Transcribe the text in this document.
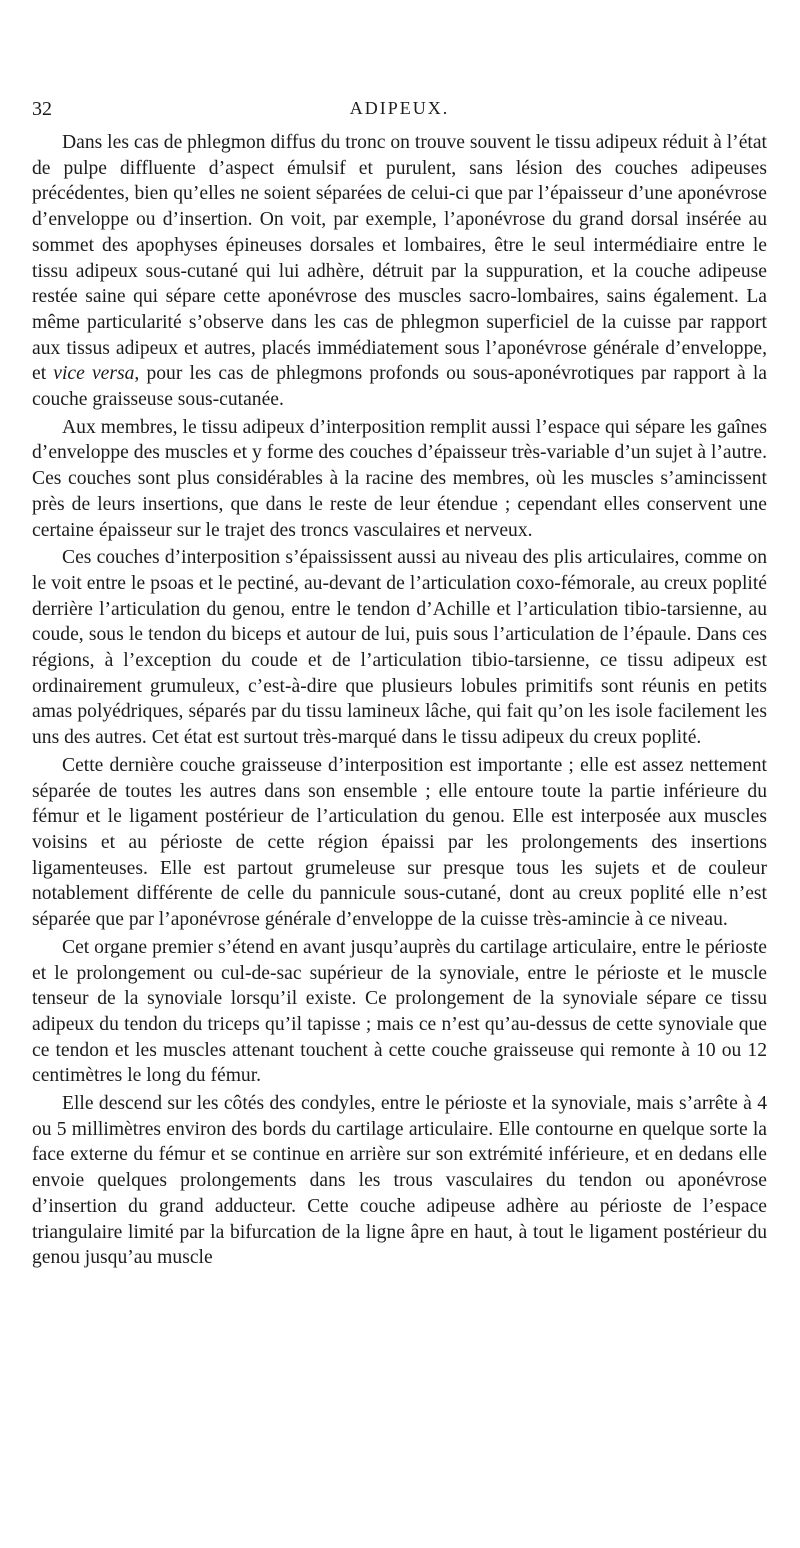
32	ADIPEUX.

Dans les cas de phlegmon diffus du tronc on trouve souvent le tissu adipeux réduit à l’état de pulpe diffluente d’aspect émulsif et purulent, sans lésion des couches adipeuses précédentes, bien qu’elles ne soient séparées de celui-ci que par l’épaisseur d’une aponévrose d’enveloppe ou d’insertion. On voit, par exemple, l’aponévrose du grand dorsal insérée au sommet des apophyses épineuses dorsales et lombaires, être le seul intermédiaire entre le tissu adipeux sous-cutané qui lui adhère, détruit par la suppuration, et la couche adipeuse restée saine qui sépare cette aponévrose des muscles sacro-lombaires, sains également. La même particularité s’observe dans les cas de phlegmon superficiel de la cuisse par rapport aux tissus adipeux et autres, placés immédiatement sous l’aponévrose générale d’enveloppe, et vice versa, pour les cas de phlegmons profonds ou sous-aponévrotiques par rapport à la couche graisseuse sous-cutanée.

Aux membres, le tissu adipeux d’interposition remplit aussi l’espace qui sépare les gaînes d’enveloppe des muscles et y forme des couches d’épaisseur très-variable d’un sujet à l’autre. Ces couches sont plus considérables à la racine des membres, où les muscles s’amincissent près de leurs insertions, que dans le reste de leur étendue ; cependant elles conservent une certaine épaisseur sur le trajet des troncs vasculaires et nerveux.

Ces couches d’interposition s’épaississent aussi au niveau des plis articulaires, comme on le voit entre le psoas et le pectiné, au-devant de l’articulation coxo-fémorale, au creux poplité derrière l’articulation du genou, entre le tendon d’Achille et l’articulation tibio-tarsienne, au coude, sous le tendon du biceps et autour de lui, puis sous l’articulation de l’épaule. Dans ces régions, à l’exception du coude et de l’articulation tibio-tarsienne, ce tissu adipeux est ordinairement grumuleux, c’est-à-dire que plusieurs lobules primitifs sont réunis en petits amas polyédriques, séparés par du tissu lamineux lâche, qui fait qu’on les isole facilement les uns des autres. Cet état est surtout très-marqué dans le tissu adipeux du creux poplité.

Cette dernière couche graisseuse d’interposition est importante ; elle est assez nettement séparée de toutes les autres dans son ensemble ; elle entoure toute la partie inférieure du fémur et le ligament postérieur de l’articulation du genou. Elle est interposée aux muscles voisins et au périoste de cette région épaissi par les prolongements des insertions ligamenteuses. Elle est partout grumeleuse sur presque tous les sujets et de couleur notablement différente de celle du pannicule sous-cutané, dont au creux poplité elle n’est séparée que par l’aponévrose générale d’enveloppe de la cuisse très-amincie à ce niveau.

Cet organe premier s’étend en avant jusqu’auprès du cartilage articulaire, entre le périoste et le prolongement ou cul-de-sac supérieur de la synoviale, entre le périoste et le muscle tenseur de la synoviale lorsqu’il existe. Ce prolongement de la synoviale sépare ce tissu adipeux du tendon du triceps qu’il tapisse ; mais ce n’est qu’au-dessus de cette synoviale que ce tendon et les muscles attenant touchent à cette couche graisseuse qui remonte à 10 ou 12 centimètres le long du fémur.

Elle descend sur les côtés des condyles, entre le périoste et la synoviale, mais s’arrête à 4 ou 5 millimètres environ des bords du cartilage articulaire. Elle contourne en quelque sorte la face externe du fémur et se continue en arrière sur son extrémité inférieure, et en dedans elle envoie quelques prolongements dans les trous vasculaires du tendon ou aponévrose d’insertion du grand adducteur. Cette couche adipeuse adhère au périoste de l’espace triangulaire limité par la bifurcation de la ligne âpre en haut, à tout le ligament postérieur du genou jusqu’au muscle
